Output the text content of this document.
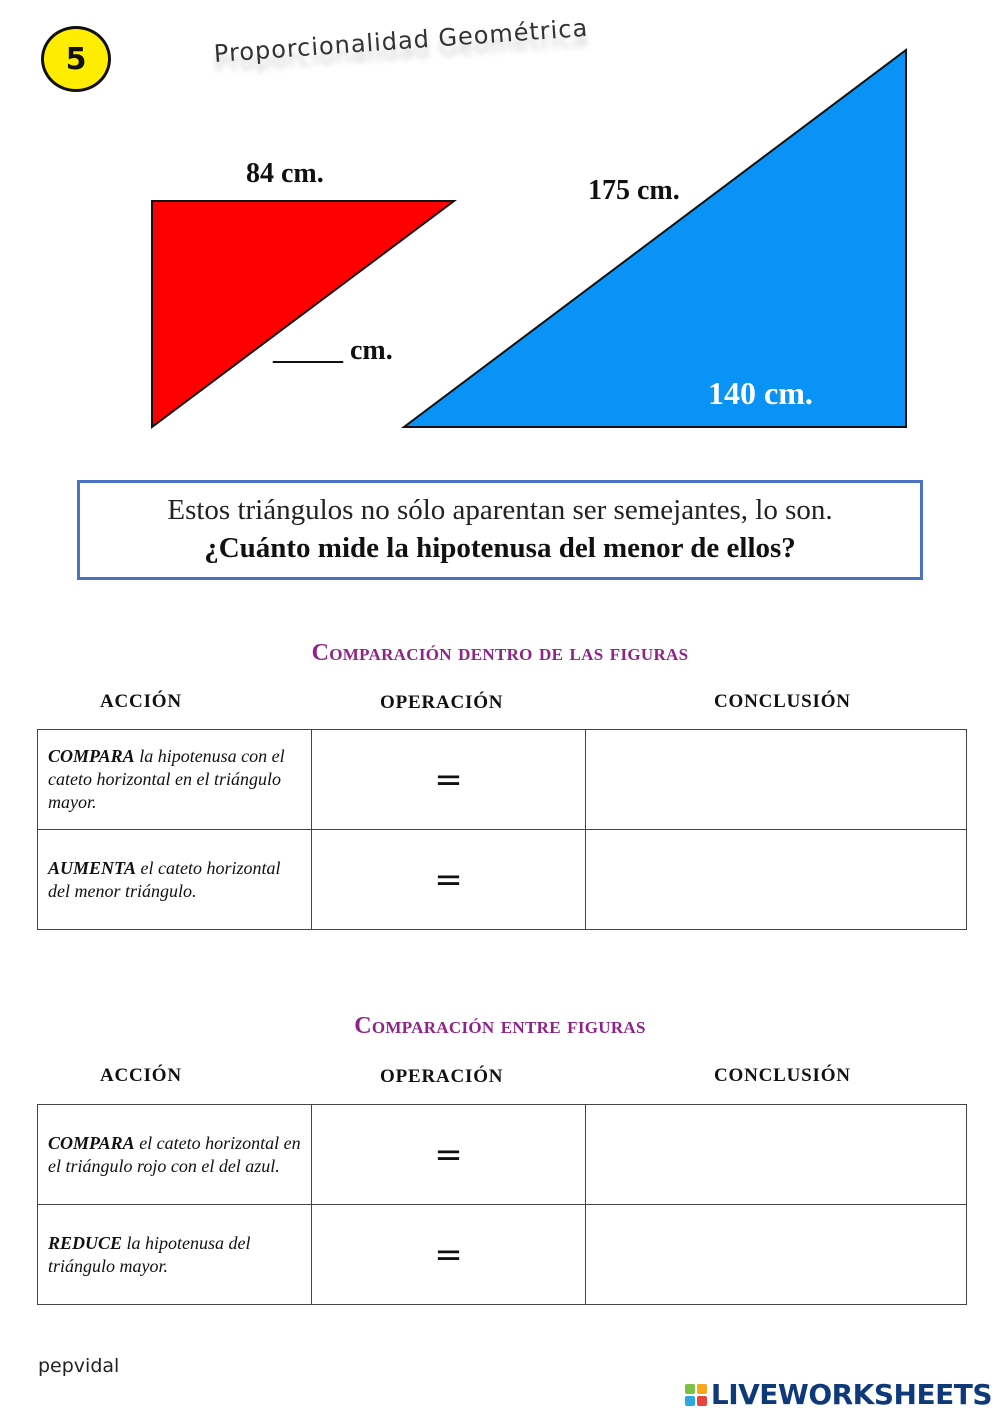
5	Proporcionalidad Geométrica
84 cm.
_____ cm.
175 cm.
140 cm.
Estos triángulos no sólo aparentan ser semejantes, lo son.
¿Cuánto mide la hipotenusa del menor de ellos?
Comparación dentro de las figuras
ACCIÓN	OPERACIÓN	CONCLUSIÓN
COMPARA la hipotenusa con el cateto horizontal en el triángulo mayor.	=	
AUMENTA el cateto horizontal del menor triángulo.	=	
Comparación entre figuras
ACCIÓN	OPERACIÓN	CONCLUSIÓN
COMPARA el cateto horizontal en el triángulo rojo con el del azul.	=	
REDUCE la hipotenusa del triángulo mayor.	=	
pepvidal
LIVEWORKSHEETS
